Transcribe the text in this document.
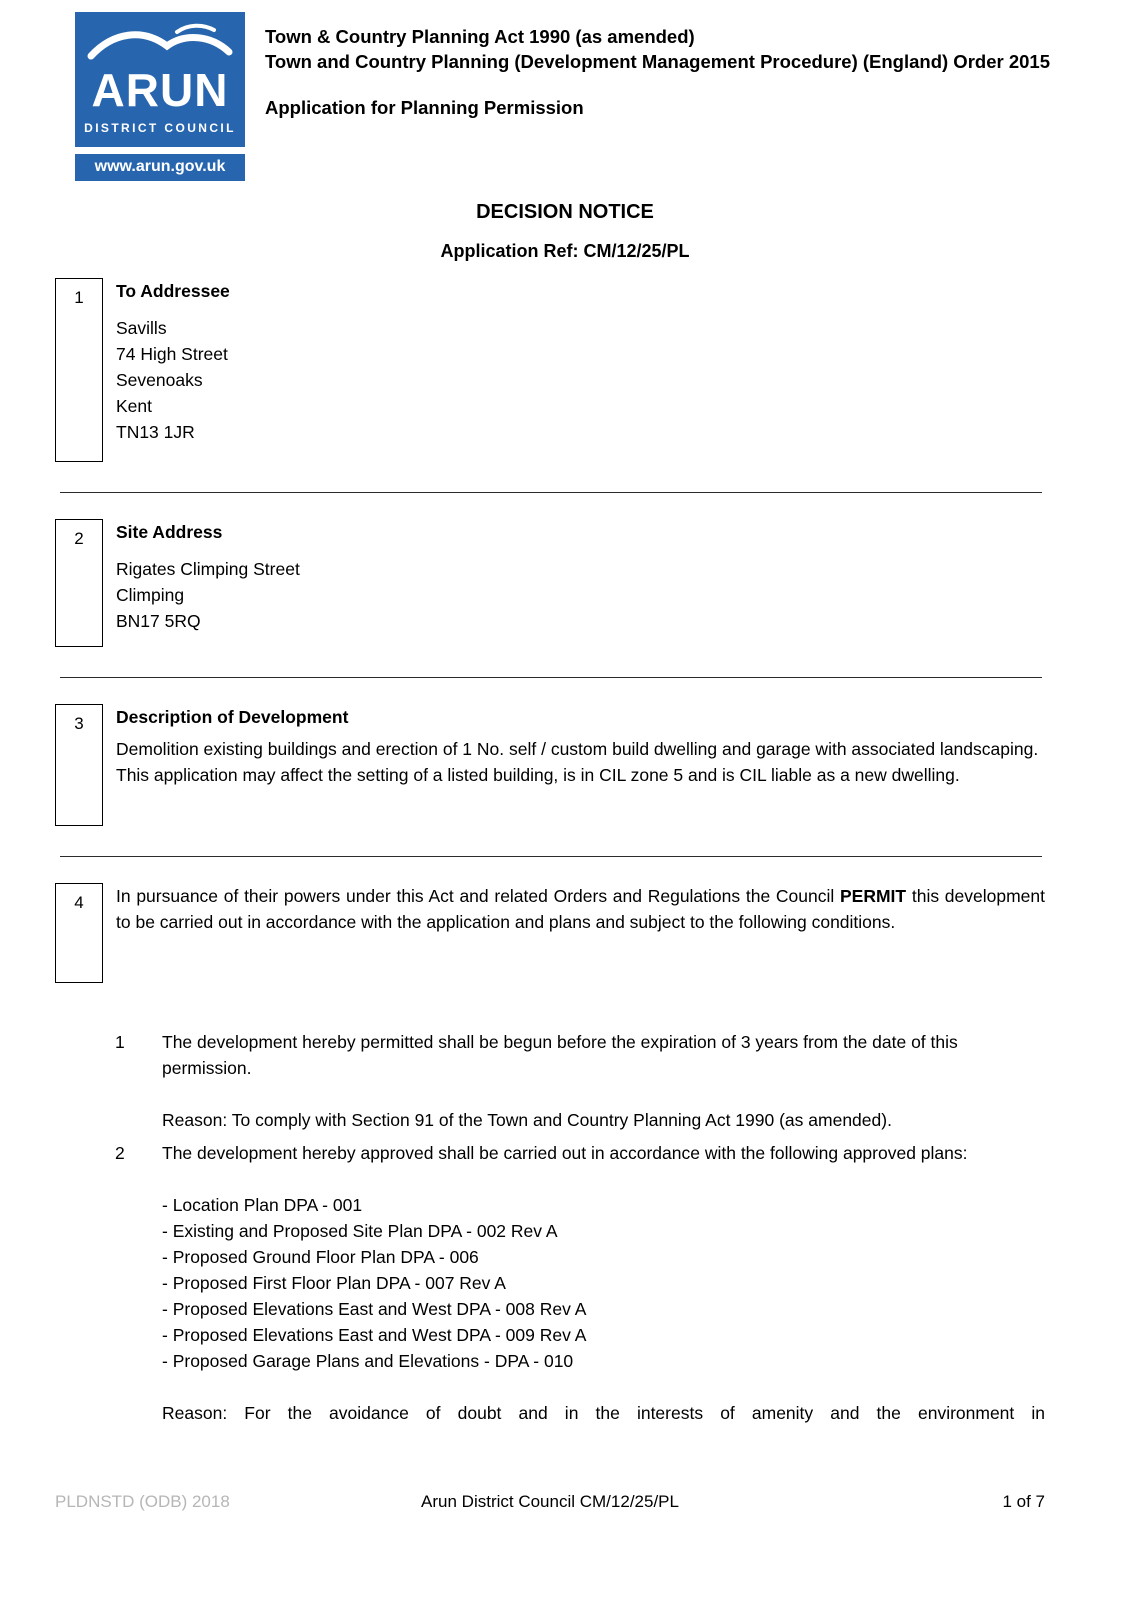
ARUN
DISTRICT COUNCIL
www.arun.gov.uk
Town & Country Planning Act 1990 (as amended)
Town and Country Planning (Development Management Procedure) (England) Order 2015
Application for Planning Permission
DECISION NOTICE
Application Ref: CM/12/25/PL
1	To Addressee
Savills
74 High Street
Sevenoaks
Kent
TN13 1JR
2	Site Address
Rigates Climping Street
Climping
BN17 5RQ
3	Description of Development

Demolition existing buildings and erection of 1 No. self / custom build dwelling and garage with associated landscaping. This application may affect the setting of a listed building, is in CIL zone 5 and is CIL liable as a new dwelling.

4	In pursuance of their powers under this Act and related Orders and Regulations the Council PERMIT this development to be carried out in accordance with the application and plans and subject to the following conditions.

1	The development hereby permitted shall be begun before the expiration of 3 years from the date of this permission.

Reason: To comply with Section 91 of the Town and Country Planning Act 1990 (as amended).

2	The development hereby approved shall be carried out in accordance with the following approved plans:

- Location Plan DPA - 001
- Existing and Proposed Site Plan DPA - 002 Rev A
- Proposed Ground Floor Plan DPA - 006
- Proposed First Floor Plan DPA - 007 Rev A
- Proposed Elevations East and West DPA - 008 Rev A
- Proposed Elevations East and West DPA - 009 Rev A
- Proposed Garage Plans and Elevations - DPA - 010

Reason: For the avoidance of doubt and in the interests of amenity and the environment in

PLDNSTD (ODB) 2018	Arun District Council CM/12/25/PL	1 of 7
